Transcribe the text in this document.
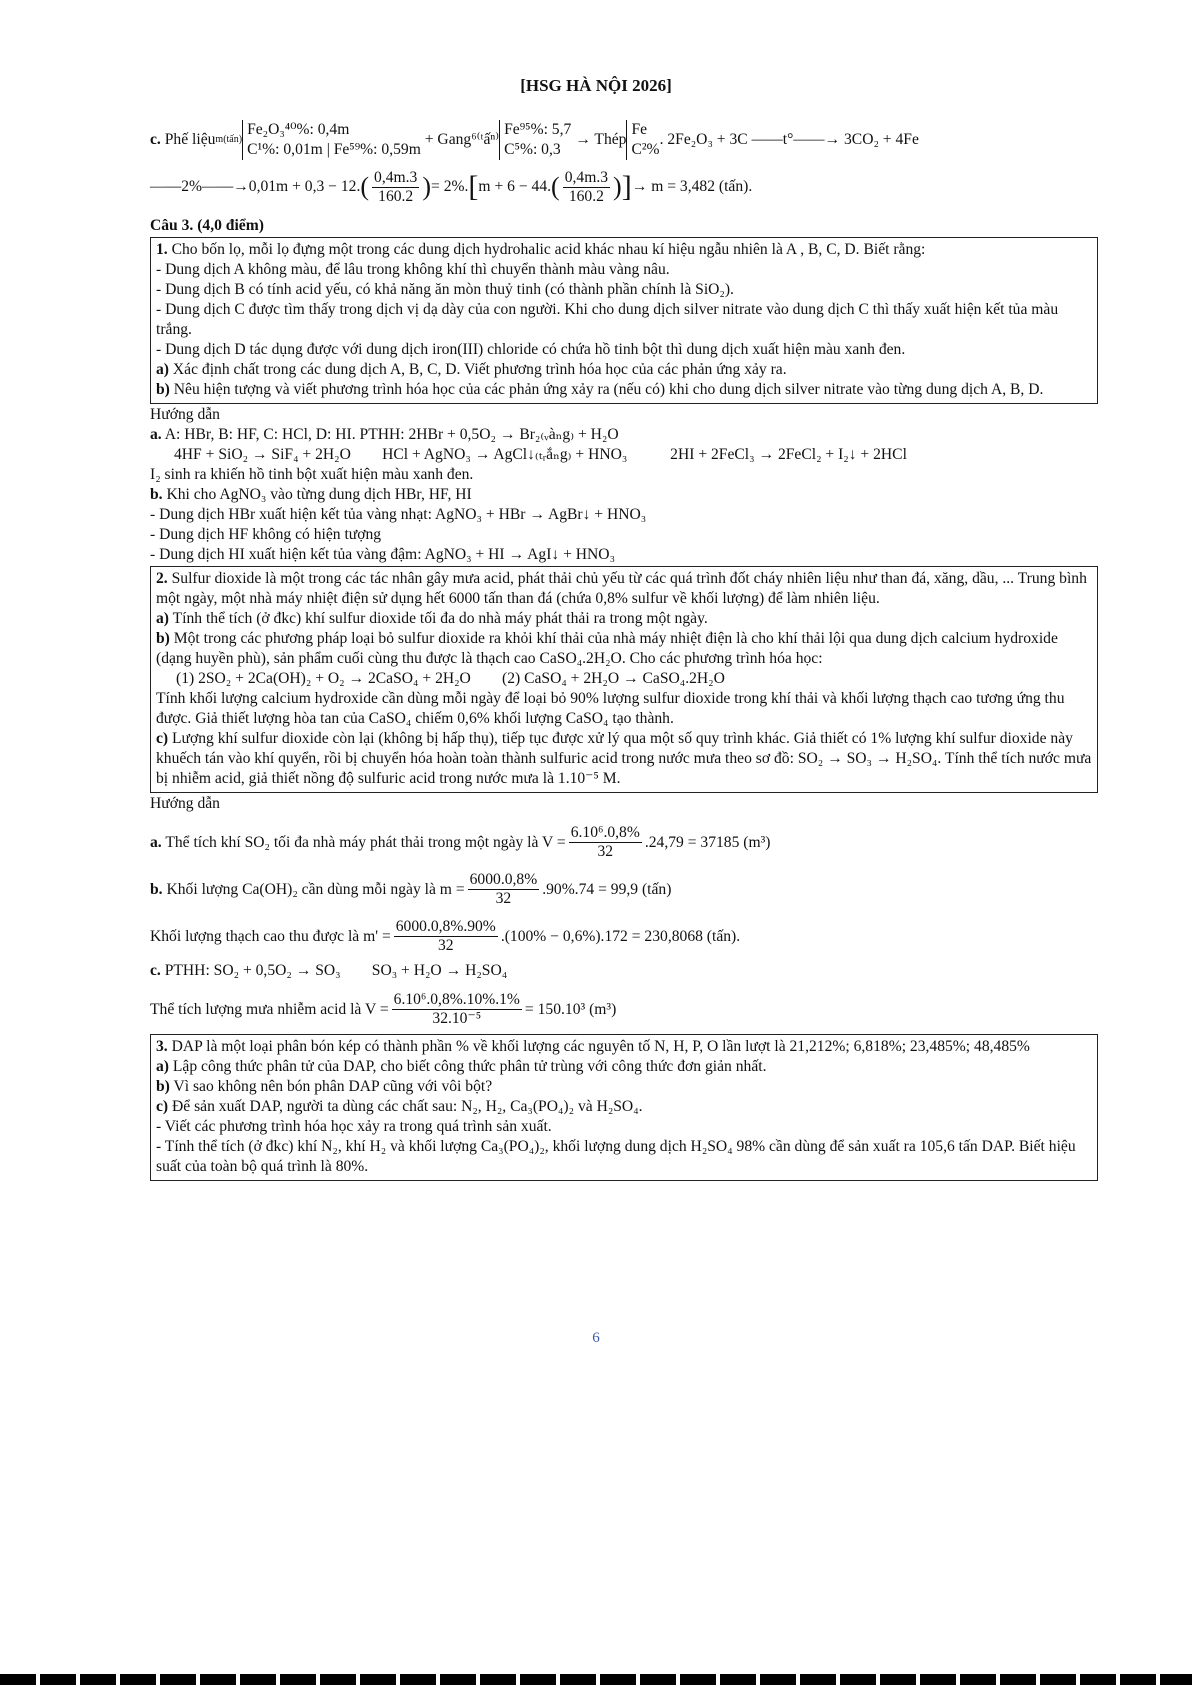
[HSG HÀ NỘI 2026]
c.
Phế liệu m(tấn)
Fe₂O₃⁴⁰%: 0,4m
C¹%: 0,01m | Fe⁵⁹%: 0,59m

+ Gang⁶⁽ᵗấⁿ⁾
Fe⁹⁵%: 5,7
C⁵%: 0,3

→ Thép
Fe
C²%
. 2Fe₂O₃ + 3C ——t°——→ 3CO₂ + 4Fe
——2%——→ 0,01m + 0,3 − 12. ( $\frac{0,4m.3}{160.2}$ ) = 2%. [ m + 6 − 44. ( $\frac{0,4m.3}{160.2}$ ) ] → m = 3,482 (tấn).
Câu 3. (4,0 điểm)
1. Cho bốn lọ, mỗi lọ đựng một trong các dung dịch hydrohalic acid khác nhau kí hiệu ngẫu nhiên là A , B, C, D. Biết rằng:
- Dung dịch A không màu, để lâu trong không khí thì chuyển thành màu vàng nâu.
- Dung dịch B có tính acid yếu, có khả năng ăn mòn thuỷ tinh (có thành phần chính là SiO₂).
- Dung dịch C được tìm thấy trong dịch vị dạ dày của con người. Khi cho dung dịch silver nitrate vào dung dịch C thì thấy xuất hiện kết tủa màu trắng.
- Dung dịch D tác dụng được với dung dịch iron(III) chloride có chứa hồ tinh bột thì dung dịch xuất hiện màu xanh đen.
a) Xác định chất trong các dung dịch A, B, C, D. Viết phương trình hóa học của các phản ứng xảy ra.
b) Nêu hiện tượng và viết phương trình hóa học của các phản ứng xảy ra (nếu có) khi cho dung dịch silver nitrate vào từng dung dịch A, B, D.
Hướng dẫn
a. A: HBr, B: HF, C: HCl, D: HI. PTHH: 2HBr + 0,5O₂ → Br₂₍ᵥàₙg₎ + H₂O
4HF + SiO₂ → SiF₄ + 2H₂O        HCl + AgNO₃ → AgCl↓₍ₜᵣắₙg₎ + HNO₃           2HI + 2FeCl₃ → 2FeCl₂ + I₂↓ + 2HCl
I₂ sinh ra khiến hồ tinh bột xuất hiện màu xanh đen.
b. Khi cho AgNO₃ vào từng dung dịch HBr, HF, HI
- Dung dịch HBr xuất hiện kết tủa vàng nhạt: AgNO₃ + HBr → AgBr↓ + HNO₃
- Dung dịch HF không có hiện tượng
- Dung dịch HI xuất hiện kết tủa vàng đậm: AgNO₃ + HI → AgI↓ + HNO₃
2. Sulfur dioxide là một trong các tác nhân gây mưa acid, phát thải chủ yếu từ các quá trình đốt cháy nhiên liệu như than đá, xăng, dầu, ... Trung bình một ngày, một nhà máy nhiệt điện sử dụng hết 6000 tấn than đá (chứa 0,8% sulfur về khối lượng) để làm nhiên liệu.
a) Tính thể tích (ở đkc) khí sulfur dioxide tối đa do nhà máy phát thải ra trong một ngày.
b) Một trong các phương pháp loại bỏ sulfur dioxide ra khỏi khí thải của nhà máy nhiệt điện là cho khí thải lội qua dung dịch calcium hydroxide (dạng huyền phù), sản phẩm cuối cùng thu được là thạch cao CaSO₄.2H₂O. Cho các phương trình hóa học:
(1) 2SO₂ + 2Ca(OH)₂ + O₂ → 2CaSO₄ + 2H₂O        (2) CaSO₄ + 2H₂O → CaSO₄.2H₂O
Tính khối lượng calcium hydroxide cần dùng mỗi ngày để loại bỏ 90% lượng sulfur dioxide trong khí thải và khối lượng thạch cao tương ứng thu được. Giả thiết lượng hòa tan của CaSO₄ chiếm 0,6% khối lượng CaSO₄ tạo thành.
c) Lượng khí sulfur dioxide còn lại (không bị hấp thụ), tiếp tục được xử lý qua một số quy trình khác. Giả thiết có 1% lượng khí sulfur dioxide này khuếch tán vào khí quyển, rồi bị chuyển hóa hoàn toàn thành sulfuric acid trong nước mưa theo sơ đồ: SO₂ → SO₃ → H₂SO₄. Tính thể tích nước mưa bị nhiễm acid, giả thiết nồng độ sulfuric acid trong nước mưa là 1.10⁻⁵ M.
Hướng dẫn
a. Thể tích khí SO₂ tối đa nhà máy phát thải trong một ngày là $V = \frac{\text{6.10⁶.0,8\%}}{32} .24,79 = 37185$ (m³)
b. Khối lượng Ca(OH)₂ cần dùng mỗi ngày là $m = \frac{6000.0,8\%}{32} .90\%.74 = 99,9$ (tấn)
Khối lượng thạch cao thu được là $m' = \frac{6000.0,8\%.90\%}{32} .(100\% - 0,6\%).172 = 230,8068$ (tấn).
c. PTHH: SO₂ + 0,5O₂ → SO₃        SO₃ + H₂O → H₂SO₄
Thể tích lượng mưa nhiễm acid là $V = \frac{\text{6.10⁶.0,8\%.10\%.1\%}}{\text{32.10⁻⁵}} = 150.10^3$ (m³)
3. DAP là một loại phân bón kép có thành phần % về khối lượng các nguyên tố N, H, P, O lần lượt là 21,212%; 6,818%; 23,485%; 48,485%
a) Lập công thức phân tử của DAP, cho biết công thức phân tử trùng với công thức đơn giản nhất.
b) Vì sao không nên bón phân DAP cũng với vôi bột?
c) Để sản xuất DAP, người ta dùng các chất sau: N₂, H₂, Ca₃(PO₄)₂ và H₂SO₄.
- Viết các phương trình hóa học xảy ra trong quá trình sản xuất.
- Tính thể tích (ở đkc) khí N₂, khí H₂ và khối lượng Ca₃(PO₄)₂, khối lượng dung dịch H₂SO₄ 98% cần dùng để sản xuất ra 105,6 tấn DAP. Biết hiệu suất của toàn bộ quá trình là 80%.
6
